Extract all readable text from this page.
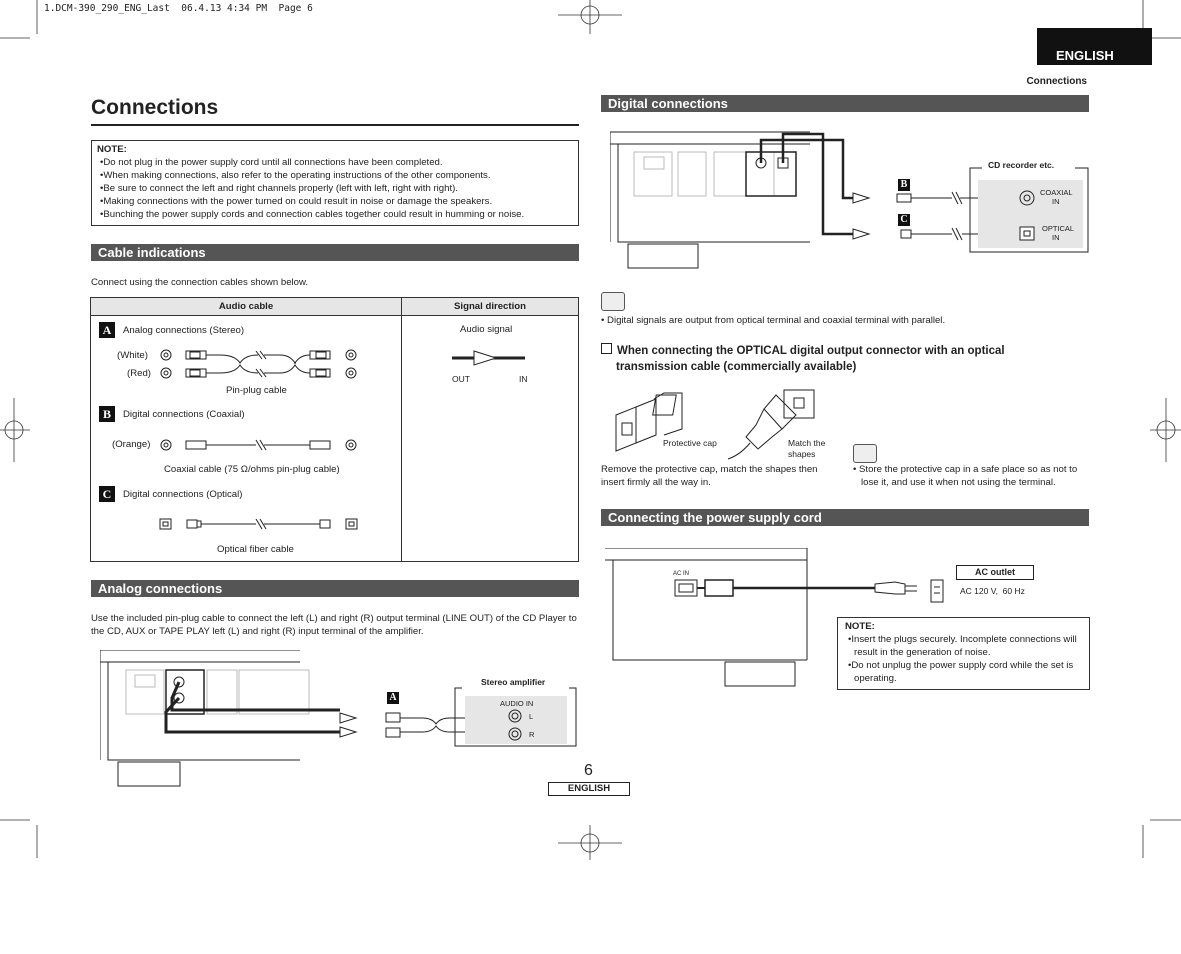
1.DCM-390_290_ENG_Last  06.4.13 4:34 PM  Page 6
ENGLISH
Connections
Connections
NOTE:
• Do not plug in the power supply cord until all connections have been completed.
• When making connections, also refer to the operating instructions of the other components.
• Be sure to connect the left and right channels properly (left with left, right with right).
• Making connections with the power turned on could result in noise or damage the speakers.
• Bunching the power supply cords and connection cables together could result in humming or noise.
Cable indications
Connect using the connection cables shown below.
Audio cable	Signal direction
A	Analog connections (Stereo)
(White)
(Red)
Pin-plug cable
B	Digital connections (Coaxial)
(Orange)
Coaxial cable (75 Ω/ohms pin-plug cable)
C	Digital connections (Optical)
Optical fiber cable
Audio signal
OUT	IN
Analog connections
Use the included pin-plug cable to connect the left (L) and right (R) output terminal (LINE OUT) of the CD Player to the CD, AUX or TAPE PLAY left (L) and right (R) input terminal of the amplifier.
A
Stereo amplifier
AUDIO IN
L
R
6
ENGLISH
Digital connections
B
C
CD recorder etc.
COAXIAL
IN
OPTICAL
IN
• Digital signals are output from optical terminal and coaxial terminal with parallel.
When connecting the OPTICAL digital output connector with an optical
transmission cable (commercially available)
Protective cap	Match the
shapes
Remove the protective cap, match the shapes then insert firmly all the way in.
• Store the protective cap in a safe place so as not to lose it, and use it when not using the terminal.
Connecting the power supply cord
AC IN	AC outlet
AC 120 V,  60 Hz
NOTE:
• Insert the plugs securely. Incomplete connections will result in the generation of noise.
• Do not unplug the power supply cord while the set is operating.
